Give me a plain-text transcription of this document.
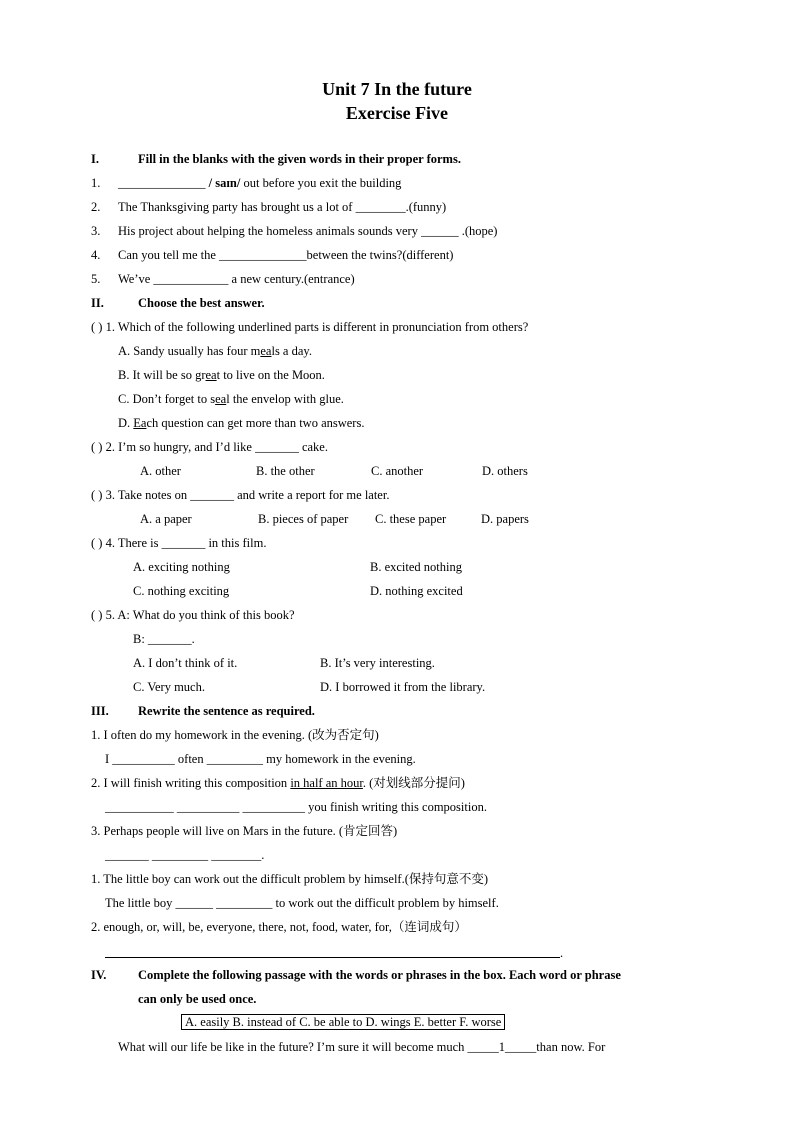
Unit 7 In the future
Exercise Five
I.	Fill in the blanks with the given words in their proper forms.
1. ______________ / saɪn/ out before you exit the building
2. The Thanksgiving party has brought us a lot of ________.(funny)
3. His project about helping the homeless animals sounds very ______ .(hope)
4. Can you tell me the ______________between the twins?(different)
5. We’ve ____________ a new century.(entrance)
II.	Choose the best answer.
( ) 1. Which of the following underlined parts is different in pronunciation from others?
A. Sandy usually has four meals a day.
B. It will be so great to live on the Moon.
C. Don’t forget to seal the envelop with glue.
D. Each question can get more than two answers.
( ) 2. I’m so hungry, and I’d like _______ cake.
A. other	B. the other	C. another	D. others
( ) 3. Take notes on _______ and write a report for me later.
A. a paper	B. pieces of paper C. these paper	D. papers
( ) 4. There is _______ in this film.
A. exciting nothing	B. excited nothing
C. nothing exciting	D. nothing excited
( ) 5. A: What do you think of this book?
B: _______.
A. I don’t think of it.	B. It’s very interesting.
C. Very much.	D. I borrowed it from the library.
III. Rewrite the sentence as required.
1. I often do my homework in the evening. (改为否定句)
I __________ often _________ my homework in the evening.
2. I will finish writing this composition in half an hour. (对划线部分提问)
___________ __________ __________ you finish writing this composition.
3. Perhaps people will live on Mars in the future. (肯定回答)
_______ _________ ________.
1. The little boy can work out the difficult problem by himself.(保持句意不变)
The little boy ______ _________ to work out the difficult problem by himself.
2. enough, or, will, be, everyone, there, not, food, water, for,（连词成句）
.
IV.	Complete the following passage with the words or phrases in the box. Each word or phrase
can only be used once.
A. easily B. instead of C. be able to D. wings E. better F. worse
What will our life be like in the future? I’m sure it will become much _____1_____than now. For
